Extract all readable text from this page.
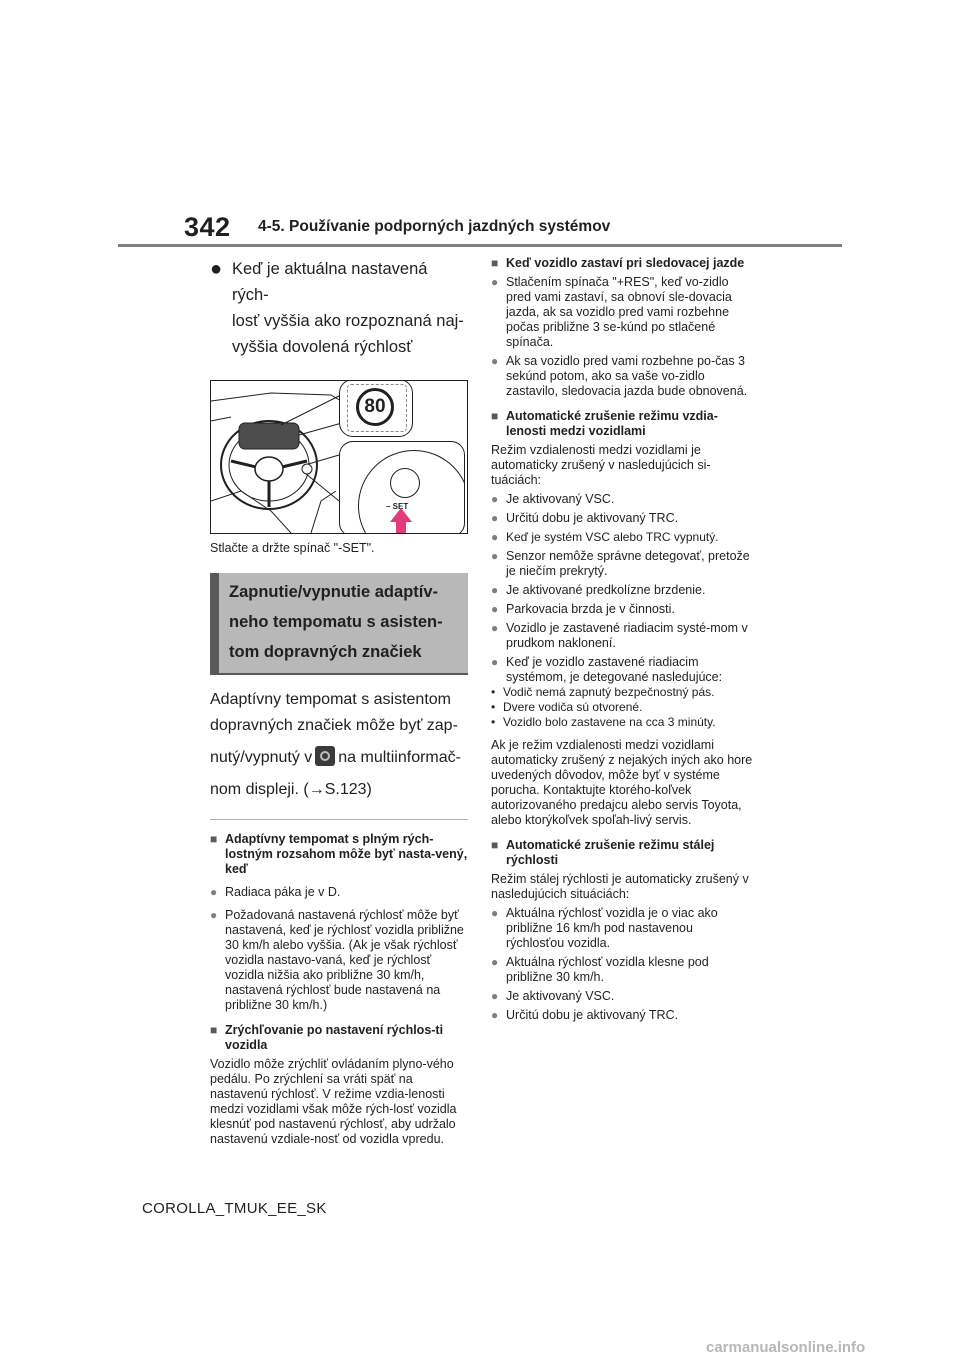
342 4-5. Používanie podporných jazdných systémov
● Keď je aktuálna nastavená rých-
losť vyššia ako rozpoznaná naj-
vyššia dovolená rýchlosť
80
– SET
Stlačte a držte spínač "-SET".
Zapnutie/vypnutie adaptív-
neho tempomatu s asisten-
tom dopravných značiek
Adaptívny tempomat s asistentom
dopravných značiek môže byť zap-
nutý/vypnutý v na multiinformač-
nom displeji. (→S.123)
■ Adaptívny tempomat s plným rých-lostným rozsahom môže byť nasta-vený, keď
● Radiaca páka je v D.
● Požadovaná nastavená rýchlosť môže byť nastavená, keď je rýchlosť vozidla približne 30 km/h alebo vyššia. (Ak je však rýchlosť vozidla nastavo-vaná, keď je rýchlosť vozidla nižšia ako približne 30 km/h, nastavená rýchlosť bude nastavená na približne 30 km/h.)
■ Zrýchľovanie po nastavení rýchlos-ti vozidla
Vozidlo môže zrýchliť ovládaním plyno-vého pedálu. Po zrýchlení sa vráti späť na nastavenú rýchlosť. V režime vzdia-lenosti medzi vozidlami však môže rých-losť vozidla klesnúť pod nastavenú rýchlosť, aby udržalo nastavenú vzdiale-nosť od vozidla vpredu.
■ Keď vozidlo zastaví pri sledovacej jazde
● Stlačením spínača "+RES", keď vo-zidlo pred vami zastaví, sa obnoví sle-dovacia jazda, ak sa vozidlo pred vami rozbehne počas približne 3 se-kúnd po stlačené spínača.
● Ak sa vozidlo pred vami rozbehne po-čas 3 sekúnd potom, ako sa vaše vo-zidlo zastavilo, sledovacia jazda bude obnovená.
■ Automatické zrušenie režimu vzdia-lenosti medzi vozidlami
Režim vzdialenosti medzi vozidlami je automaticky zrušený v nasledujúcich si-tuáciách:
● Je aktivovaný VSC.
● Určitú dobu je aktivovaný TRC.
● Keď je systém VSC alebo TRC vypnutý.
● Senzor nemôže správne detegovať, pretože je niečím prekrytý.
● Je aktivované predkolízne brzdenie.
● Parkovacia brzda je v činnosti.
● Vozidlo je zastavené riadiacim systé-mom v prudkom naklonení.
● Keď je vozidlo zastavené riadiacim systémom, je detegované nasledujúce:
• Vodič nemá zapnutý bezpečnostný pás.
• Dvere vodiča sú otvorené.
• Vozidlo bolo zastavene na cca 3 minúty.
Ak je režim vzdialenosti medzi vozidlami automaticky zrušený z nejakých iných ako hore uvedených dôvodov, môže byť v systéme porucha. Kontaktujte ktorého-koľvek autorizovaného predajcu alebo servis Toyota, alebo ktorýkoľvek spoľah-livý servis.
■ Automatické zrušenie režimu stálej rýchlosti
Režim stálej rýchlosti je automaticky zrušený v nasledujúcich situáciách:
● Aktuálna rýchlosť vozidla je o viac ako približne 16 km/h pod nastavenou rýchlosťou vozidla.
● Aktuálna rýchlosť vozidla klesne pod približne 30 km/h.
● Je aktivovaný VSC.
● Určitú dobu je aktivovaný TRC.
COROLLA_TMUK_EE_SK
carmanualsonline.info
